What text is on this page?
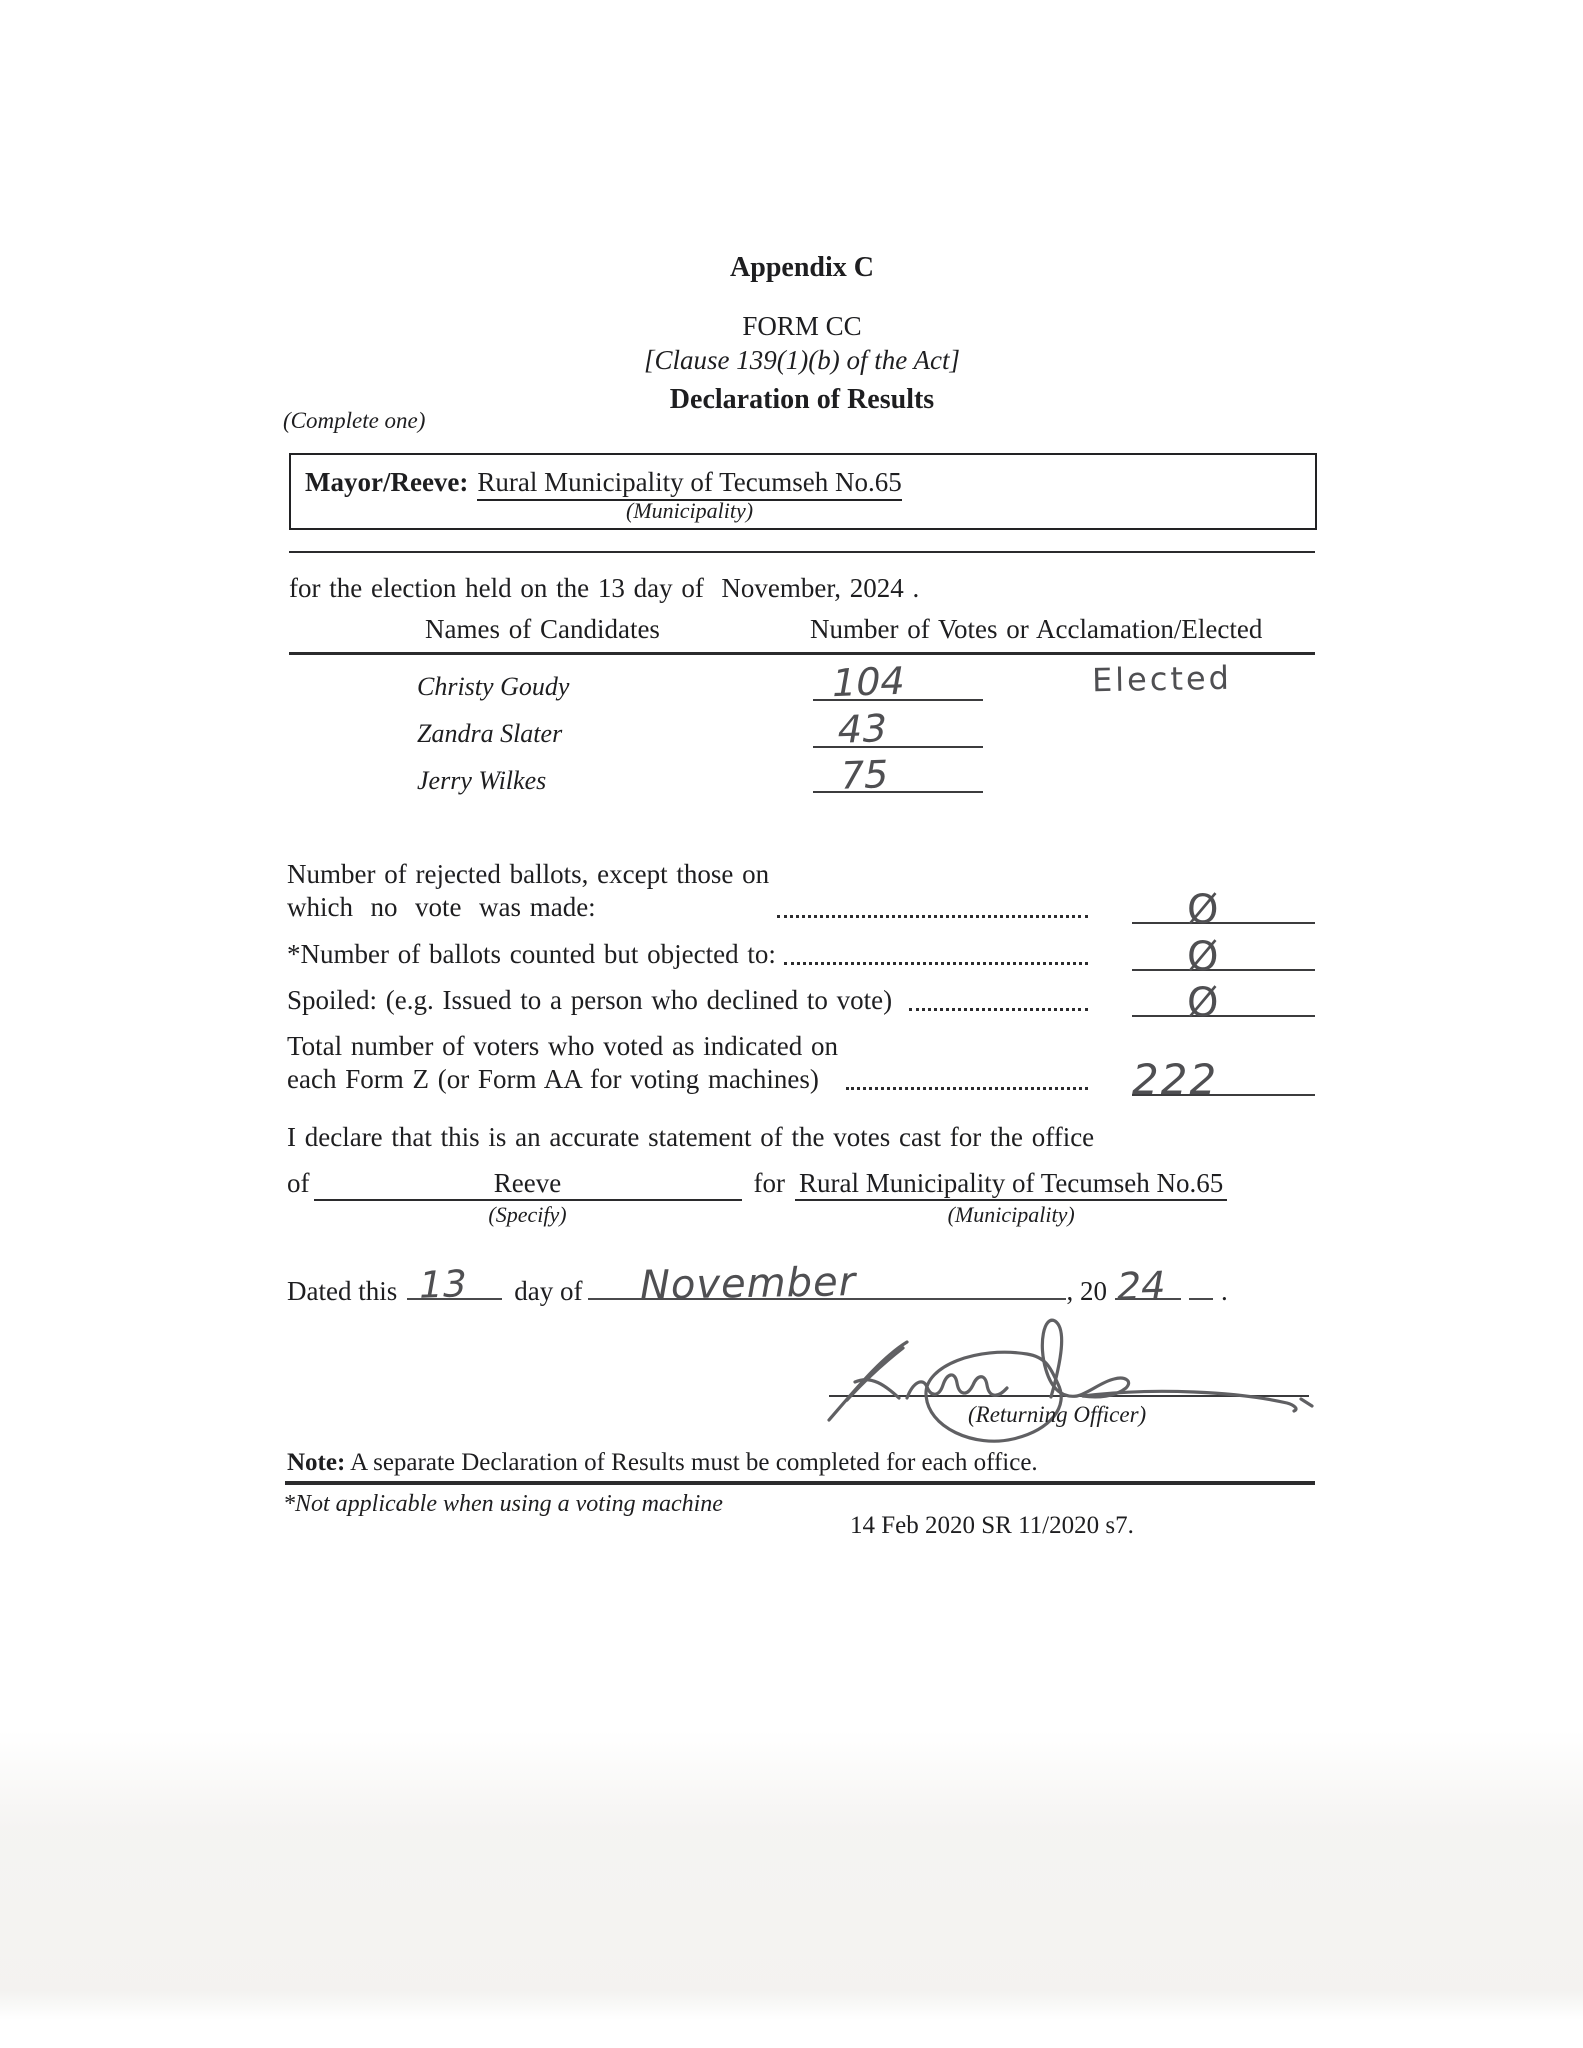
Appendix C
FORM CC
[Clause 139(1)(b) of the Act]
Declaration of Results
(Complete one)
Mayor/Reeve: Rural Municipality of Tecumseh No.65
(Municipality)
for the election held on the 13 day of  November, 2024 .
Names of Candidates	Number of Votes or Acclamation/Elected
Christy Goudy	104	Elected
Zandra Slater	43
Jerry Wilkes	75
Number of rejected ballots, except those on
which  no  vote  was made:	Ø
*Number of ballots counted but objected to:	Ø
Spoiled: (e.g. Issued to a person who declined to vote)	Ø
Total number of voters who voted as indicated on
each Form Z (or Form AA for voting machines)	222
I declare that this is an accurate statement of the votes cast for the office
of	Reeve
(Specify)
for Rural Municipality of Tecumseh No.65
(Municipality)
Dated this 13 day of November	, 20 24 .
(Returning Officer)
Note: A separate Declaration of Results must be completed for each office.
*Not applicable when using a voting machine
14 Feb 2020 SR 11/2020 s7.
